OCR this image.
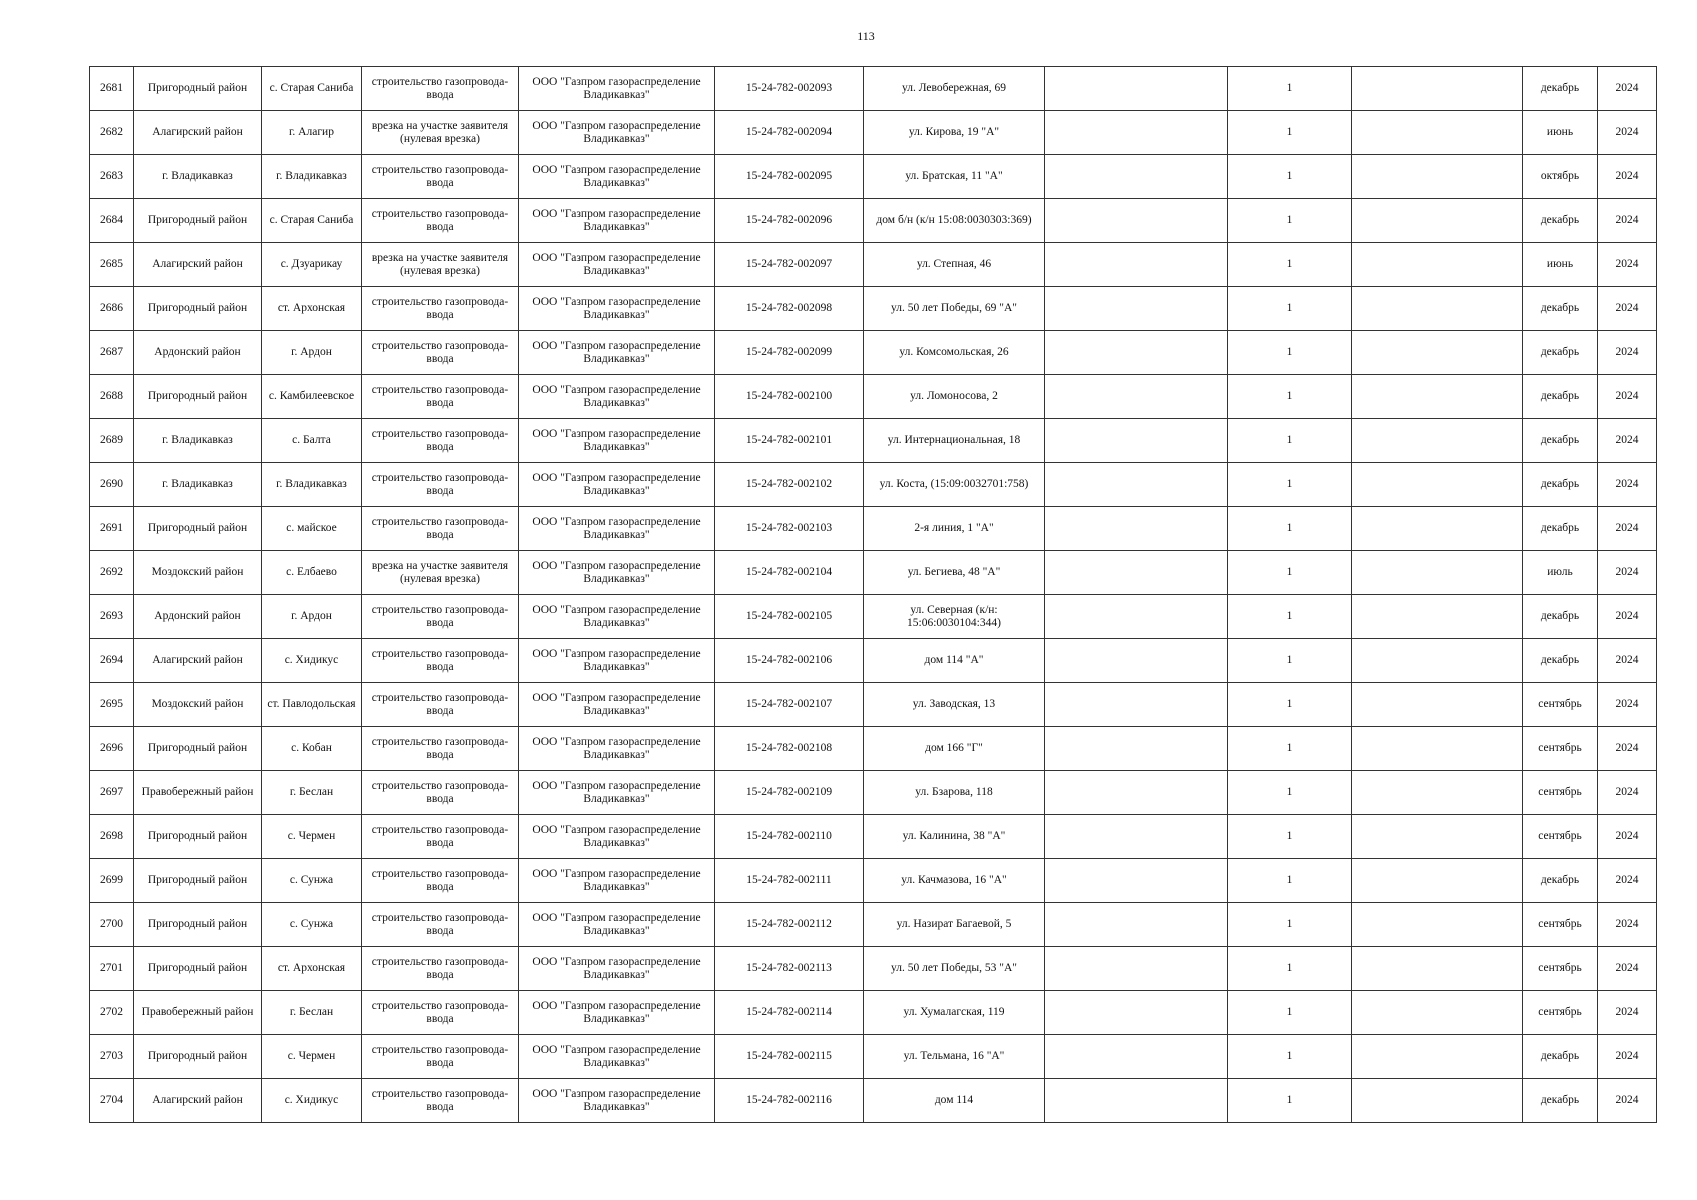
113
2681	Пригородный район	с. Старая Саниба	строительство газопровода-ввода	ООО "Газпром газораспределение Владикавказ"	15-24-782-002093	ул. Левобережная, 69		1		декабрь	2024
2682	Алагирский район	г. Алагир	врезка на участке заявителя (нулевая врезка)	ООО "Газпром газораспределение Владикавказ"	15-24-782-002094	ул. Кирова, 19 "А"		1		июнь	2024
2683	г. Владикавказ	г. Владикавказ	строительство газопровода-ввода	ООО "Газпром газораспределение Владикавказ"	15-24-782-002095	ул. Братская, 11 "А"		1		октябрь	2024
2684	Пригородный район	с. Старая Саниба	строительство газопровода-ввода	ООО "Газпром газораспределение Владикавказ"	15-24-782-002096	дом б/н (к/н 15:08:0030303:369)		1		декабрь	2024
2685	Алагирский район	с. Дзуарикау	врезка на участке заявителя (нулевая врезка)	ООО "Газпром газораспределение Владикавказ"	15-24-782-002097	ул. Степная, 46		1		июнь	2024
2686	Пригородный район	ст. Архонская	строительство газопровода-ввода	ООО "Газпром газораспределение Владикавказ"	15-24-782-002098	ул. 50 лет Победы, 69 "А"		1		декабрь	2024
2687	Ардонский район	г. Ардон	строительство газопровода-ввода	ООО "Газпром газораспределение Владикавказ"	15-24-782-002099	ул. Комсомольская, 26		1		декабрь	2024
2688	Пригородный район	с. Камбилеевское	строительство газопровода-ввода	ООО "Газпром газораспределение Владикавказ"	15-24-782-002100	ул. Ломоносова, 2		1		декабрь	2024
2689	г. Владикавказ	с. Балта	строительство газопровода-ввода	ООО "Газпром газораспределение Владикавказ"	15-24-782-002101	ул. Интернациональная, 18		1		декабрь	2024
2690	г. Владикавказ	г. Владикавказ	строительство газопровода-ввода	ООО "Газпром газораспределение Владикавказ"	15-24-782-002102	ул. Коста, (15:09:0032701:758)		1		декабрь	2024
2691	Пригородный район	с. майское	строительство газопровода-ввода	ООО "Газпром газораспределение Владикавказ"	15-24-782-002103	2-я линия, 1 "А"		1		декабрь	2024
2692	Моздокский район	с. Елбаево	врезка на участке заявителя (нулевая врезка)	ООО "Газпром газораспределение Владикавказ"	15-24-782-002104	ул. Бегиева, 48 "А"		1		июль	2024
2693	Ардонский район	г. Ардон	строительство газопровода-ввода	ООО "Газпром газораспределение Владикавказ"	15-24-782-002105	ул. Северная (к/н: 15:06:0030104:344)		1		декабрь	2024
2694	Алагирский район	с. Хидикус	строительство газопровода-ввода	ООО "Газпром газораспределение Владикавказ"	15-24-782-002106	дом 114 "А"		1		декабрь	2024
2695	Моздокский район	ст. Павлодольская	строительство газопровода-ввода	ООО "Газпром газораспределение Владикавказ"	15-24-782-002107	ул. Заводская, 13		1		сентябрь	2024
2696	Пригородный район	с. Кобан	строительство газопровода-ввода	ООО "Газпром газораспределение Владикавказ"	15-24-782-002108	дом 166 "Г"		1		сентябрь	2024
2697	Правобережный район	г. Беслан	строительство газопровода-ввода	ООО "Газпром газораспределение Владикавказ"	15-24-782-002109	ул. Бзарова, 118		1		сентябрь	2024
2698	Пригородный район	с. Чермен	строительство газопровода-ввода	ООО "Газпром газораспределение Владикавказ"	15-24-782-002110	ул. Калинина, 38 "А"		1		сентябрь	2024
2699	Пригородный район	с. Сунжа	строительство газопровода-ввода	ООО "Газпром газораспределение Владикавказ"	15-24-782-002111	ул. Качмазова, 16 "А"		1		декабрь	2024
2700	Пригородный район	с. Сунжа	строительство газопровода-ввода	ООО "Газпром газораспределение Владикавказ"	15-24-782-002112	ул. Назират Багаевой, 5		1		сентябрь	2024
2701	Пригородный район	ст. Архонская	строительство газопровода-ввода	ООО "Газпром газораспределение Владикавказ"	15-24-782-002113	ул. 50 лет Победы, 53 "А"		1		сентябрь	2024
2702	Правобережный район	г. Беслан	строительство газопровода-ввода	ООО "Газпром газораспределение Владикавказ"	15-24-782-002114	ул. Хумалагская, 119		1		сентябрь	2024
2703	Пригородный район	с. Чермен	строительство газопровода-ввода	ООО "Газпром газораспределение Владикавказ"	15-24-782-002115	ул. Тельмана, 16 "А"		1		декабрь	2024
2704	Алагирский район	с. Хидикус	строительство газопровода-ввода	ООО "Газпром газораспределение Владикавказ"	15-24-782-002116	дом 114		1		декабрь	2024
